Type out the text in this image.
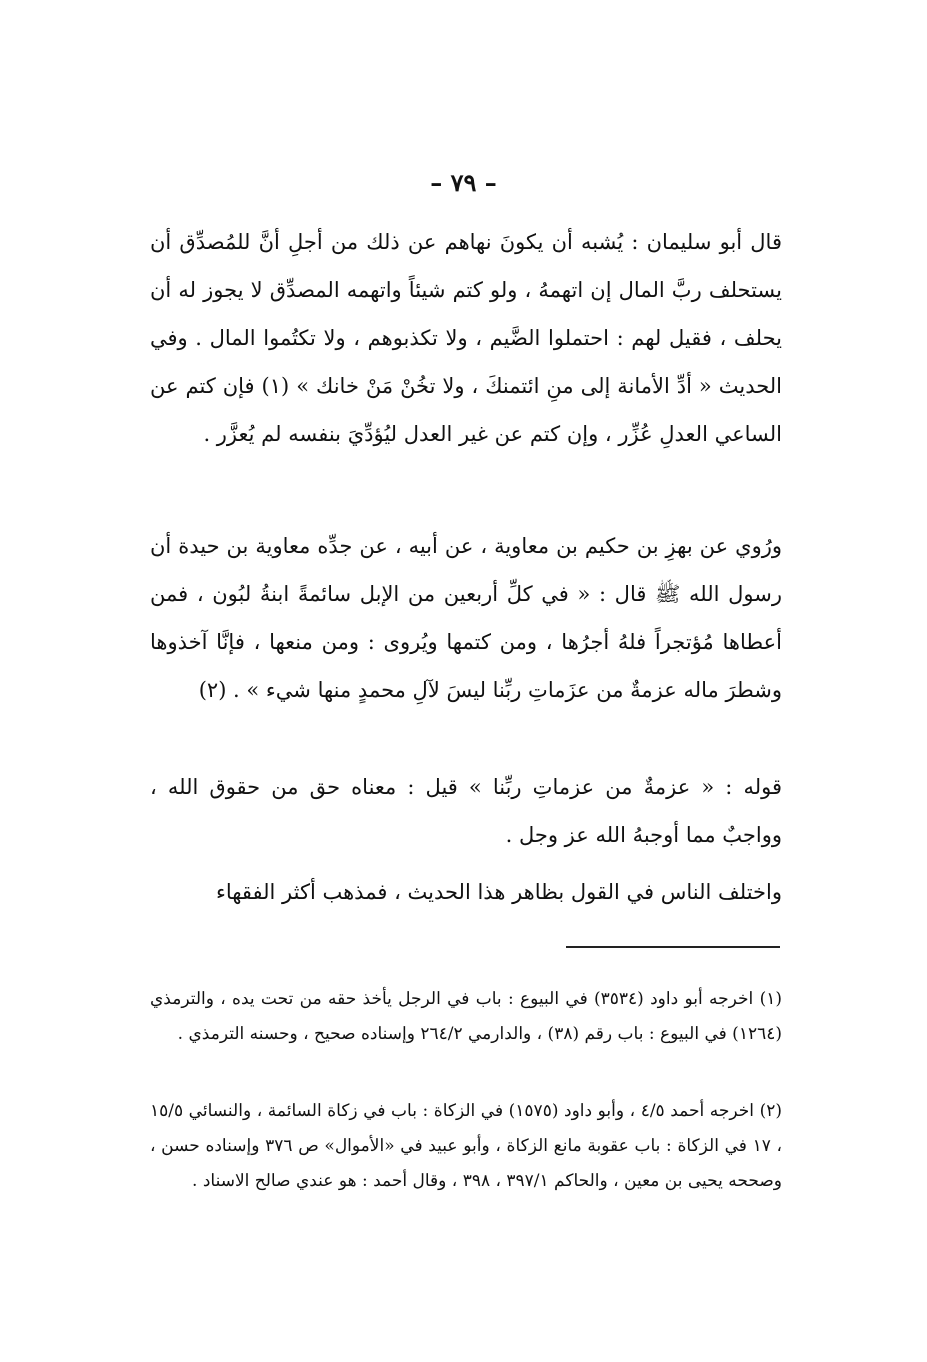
– ٧٩ –

قال أبو سليمان : يُشبه أن يكونَ نهاهم عن ذلك من أجلِ أنَّ للمُصدِّق أن يستحلف ربَّ المال إن اتهمهُ ، ولو كتم شيئاً واتهمه المصدِّق لا يجوز له أن يحلف ، فقيل لهم : احتملوا الضَّيم ، ولا تكذبوهم ، ولا تكتُموا المال . وفي الحديث « أدِّ الأمانة إلى منِ ائتمنكَ ، ولا تخُنْ مَنْ خانك » (١) فإن كتم عن الساعي العدلِ عُزِّر ، وإن كتم عن غير العدل ليُؤدِّيَ بنفسه لم يُعزَّر .

ورُوي عن بهزِ بن حكيم بن معاوية ، عن أبيه ، عن جدِّه معاوية بن حيدة أن رسول الله ﷺ قال : « في كلِّ أربعين من الإبل سائمةً ابنةُ لبُون ، فمن أعطاها مُؤتجراً فلهُ أجرُها ، ومن كتمها ويُروى : ومن منعها ، فإنَّا آخذوها وشطرَ ماله عزمةٌ من عزَماتِ ربِّنا ليسَ لآلِ محمدٍ منها شيء » . (٢)

قوله : « عزمةٌ من عزماتِ ربِّنا » قيل : معناه حق من حقوق الله ، وواجبٌ مما أوجبهُ الله عز وجل .

واختلف الناس في القول بظاهر هذا الحديث ، فمذهب أكثر الفقهاء

(١) اخرجه أبو داود (٣٥٣٤) في البيوع : باب في الرجل يأخذ حقه من تحت يده ، والترمذي (١٢٦٤) في البيوع : باب رقم (٣٨) ، والدارمي ٢٦٤/٢ وإسناده صحيح ، وحسنه الترمذي .

(٢) اخرجه أحمد ٤/٥ ، وأبو داود (١٥٧٥) في الزكاة : باب في زكاة السائمة ، والنسائي ١٥/٥ ، ١٧ في الزكاة : باب عقوبة مانع الزكاة ، وأبو عبيد في «الأموال» ص ٣٧٦ وإسناده حسن ، وصححه يحيى بن معين ، والحاكم ٣٩٧/١ ، ٣٩٨ ، وقال أحمد : هو عندي صالح الاسناد .
